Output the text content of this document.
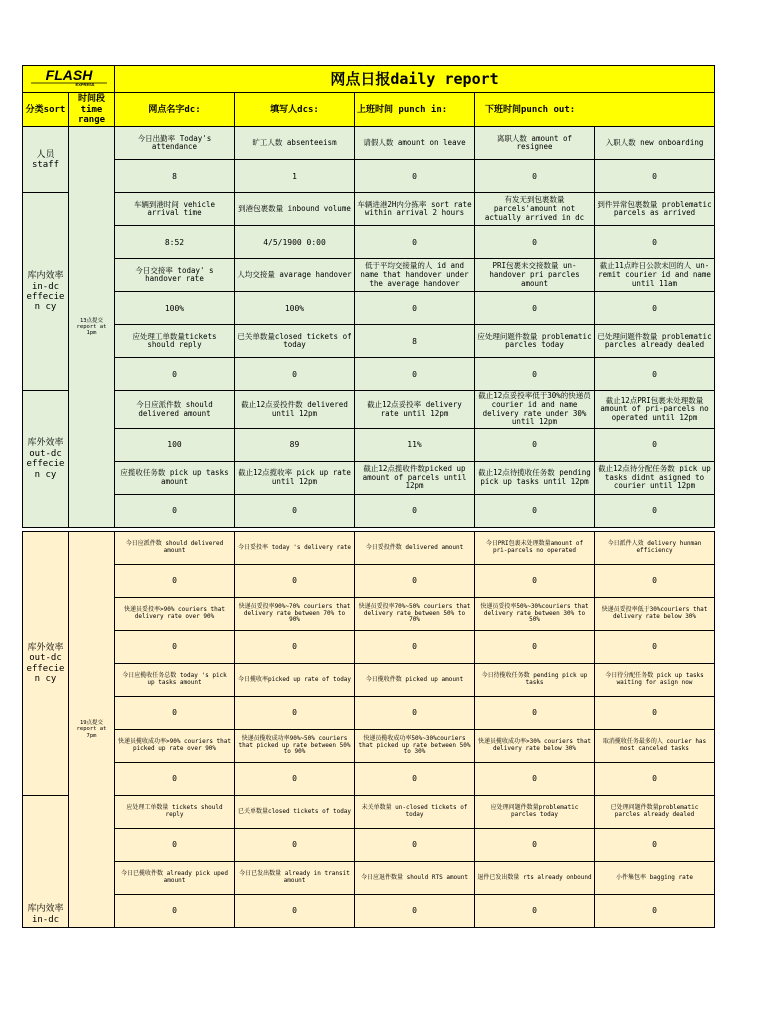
FLASH
EXPRESS		网点日报daily report				
分类sort	时间段 time range	网点名字dc:	填写人dcs:	上班时间 punch in:	下班时间punch out:	
人员 staff	13点提交 report at 1pm	今日出勤率 Today's attendance	旷工人数 absenteeism	请假人数 amount on leave	离职人数 amount of resignee	入职人数 new onboarding
		8	1	0	0	0
库内效率 in-dc effecien cy		车辆到港时间 vehicle arrival time	到港包裹数量 inbound volume	车辆进港2H内分拣率 sort rate within arrival 2 hours	有发无到包裹数量 parcels'amount not actually arrived in dc	到件异常包裹数量 problematic parcels as arrived
		8:52	4/5/1900 0:00	0	0	0
		今日交接率 today' s handover rate	人均交接量 avarage handover	低于平均交接量的人 id and name that handover under the average handover	PRI包裹未交接数量 un-handover pri parcles amount	截止11点昨日公款未回的人 un-remit courier id and name until 11am
		100%	100%	0	0	0
		应处理工单数量tickets should reply	已关单数量closed tickets of today	8	应处理问题件数量 problematic parcles today	已处理问题件数量 problematic parcles already dealed
		0	0	0	0	0
库外效率 out-dc effecien cy		今日应派件数 should delivered amount	截止12点妥投件数 delivered until 12pm	截止12点妥投率 delivery rate until 12pm	截止12点妥投率低于30%的快递员courier id and name delivery rate under 30% until 12pm	截止12点PRI包裹未处理数量 amount of pri-parcels no operated until 12pm
		100	89	11%	0	0
		应揽收任务数 pick up tasks amount	截止12点揽收率 pick up rate until 12pm	截止12点揽收件数picked up amount of parcels until 12pm	截止12点待揽收任务数 pending pick up tasks until 12pm	截止12点待分配任务数 pick up tasks didnt asigned to courier until 12pm
		0	0	0	0	0
库外效率 out-dc effecien cy	19点提交 report at 7pm	今日应派件数 should delivered amount	今日妥投率 today 's delivery rate	今日妥投件数 delivered amount	今日PRI包裹未处理数量amount of pri-parcels no operated	今日派件人效 delivery hunman efficiency
		0	0	0	0	0
		快递员妥投率>90% couriers that delivery rate over 90%	快递员妥投率90%~70% couriers that delivery rate between 70% to 90%	快递员妥投率70%~50% couriers that delivery rate between 50% to 70%	快递员妥投率50%~30%couriers that delivery rate between 30% to 50%	快递员妥投率低于30%couriers that delivery rate below 30%
		0	0	0	0	0
		今日应揽收任务总数 today 's pick up tasks amount	今日揽收率picked up rate of today	今日揽收件数 picked up amount	今日待揽收任务数 pending pick up tasks	今日待分配任务数 pick up tasks waiting for asign now
		0	0	0	0	0
		快递员揽收成功率>90% couriers that picked up rate over 90%	快递员揽收成功率90%~50% couriers that picked up rate between 50% to 90%	快递员揽收成功率50%~30%couriers that picked up rate between 50% to 30%	快递员揽收成功率>30% couriers that delivery rate below 30%	取消揽收任务最多的人 courier has most canceled tasks
		0	0	0	0	0
库内效率 in-dc		应处理工单数量 tickets should reply	已关单数量closed tickets of today	未关单数量 un-closed tickets of today	应处理问题件数量problematic parcles today	已处理问题件数量problematic parcles already dealed
		0	0	0	0	0
		今日已揽收件数 already pick uped amount	今日已发出数量 already in transit amount	今日应退件数量 should RTS amount	退件已发出数量 rts already onbound	小件集包率 bagging rate
		0	0	0	0	0
